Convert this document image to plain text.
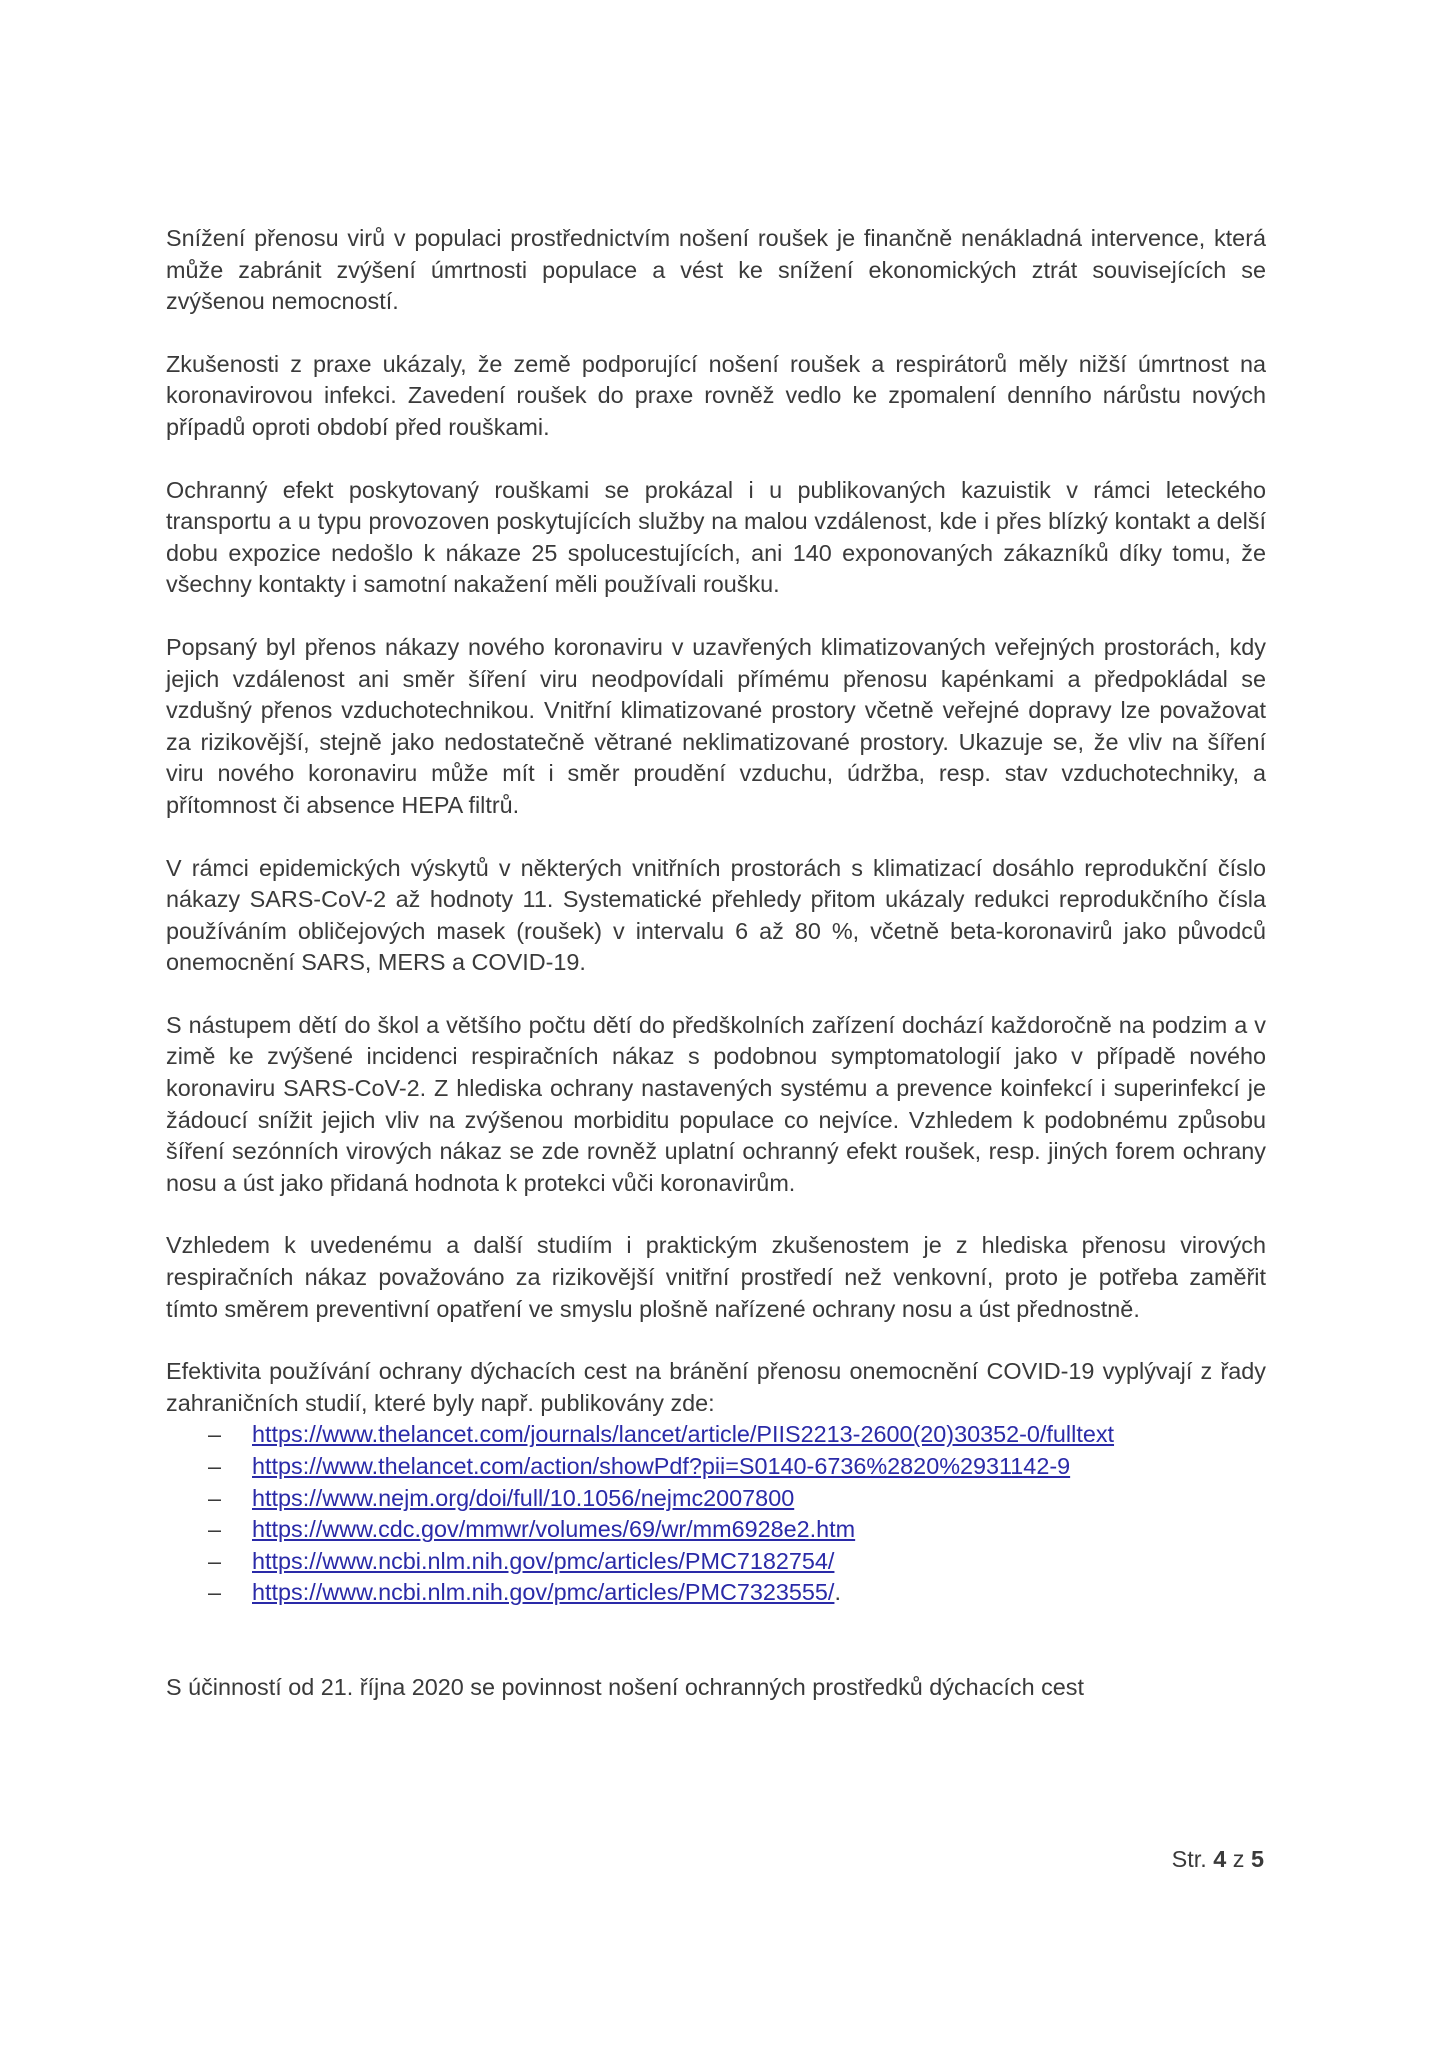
Snížení přenosu virů v populaci prostřednictvím nošení roušek je finančně nenákladná intervence, která může zabránit zvýšení úmrtnosti populace a vést ke snížení ekonomických ztrát souvisejících se zvýšenou nemocností.

Zkušenosti z praxe ukázaly, že země podporující nošení roušek a respirátorů měly nižší úmrtnost na koronavirovou infekci. Zavedení roušek do praxe rovněž vedlo ke zpomalení denního nárůstu nových případů oproti období před rouškami.

Ochranný efekt poskytovaný rouškami se prokázal i u publikovaných kazuistik v rámci leteckého transportu a u typu provozoven poskytujících služby na malou vzdálenost, kde i přes blízký kontakt a delší dobu expozice nedošlo k nákaze 25 spolucestujících, ani 140 exponovaných zákazníků díky tomu, že všechny kontakty i samotní nakažení měli používali roušku.

Popsaný byl přenos nákazy nového koronaviru v uzavřených klimatizovaných veřejných prostorách, kdy jejich vzdálenost ani směr šíření viru neodpovídali přímému přenosu kapénkami a předpokládal se vzdušný přenos vzduchotechnikou. Vnitřní klimatizované prostory včetně veřejné dopravy lze považovat za rizikovější, stejně jako nedostatečně větrané neklimatizované prostory. Ukazuje se, že vliv na šíření viru nového koronaviru může mít i směr proudění vzduchu, údržba, resp. stav vzduchotechniky, a přítomnost či absence HEPA filtrů.

V rámci epidemických výskytů v některých vnitřních prostorách s klimatizací dosáhlo reprodukční číslo nákazy SARS-CoV-2 až hodnoty 11. Systematické přehledy přitom ukázaly redukci reprodukčního čísla používáním obličejových masek (roušek) v intervalu 6 až 80 %, včetně beta-koronavirů jako původců onemocnění SARS, MERS a COVID-19.

S nástupem dětí do škol a většího počtu dětí do předškolních zařízení dochází každoročně na podzim a v zimě ke zvýšené incidenci respiračních nákaz s podobnou symptomatologií jako v případě nového koronaviru SARS-CoV-2. Z hlediska ochrany nastavených systému a prevence koinfekcí i superinfekcí je žádoucí snížit jejich vliv na zvýšenou morbiditu populace co nejvíce. Vzhledem k podobnému způsobu šíření sezónních virových nákaz se zde rovněž uplatní ochranný efekt roušek, resp. jiných forem ochrany nosu a úst jako přidaná hodnota k protekci vůči koronavirům.

Vzhledem k uvedenému a další studiím i praktickým zkušenostem je z hlediska přenosu virových respiračních nákaz považováno za rizikovější vnitřní prostředí než venkovní, proto je potřeba zaměřit tímto směrem preventivní opatření ve smyslu plošně nařízené ochrany nosu a úst přednostně.

Efektivita používání ochrany dýchacích cest na bránění přenosu onemocnění COVID-19 vyplývají z řady zahraničních studií, které byly např. publikovány zde:

– https://www.thelancet.com/journals/lancet/article/PIIS2213-2600(20)30352-0/fulltext
– https://www.thelancet.com/action/showPdf?pii=S0140-6736%2820%2931142-9
– https://www.nejm.org/doi/full/10.1056/nejmc2007800
– https://www.cdc.gov/mmwr/volumes/69/wr/mm6928e2.htm
– https://www.ncbi.nlm.nih.gov/pmc/articles/PMC7182754/
– https://www.ncbi.nlm.nih.gov/pmc/articles/PMC7323555/.

S účinností od 21. října 2020 se povinnost nošení ochranných prostředků dýchacích cest

Str. 4 z 5
